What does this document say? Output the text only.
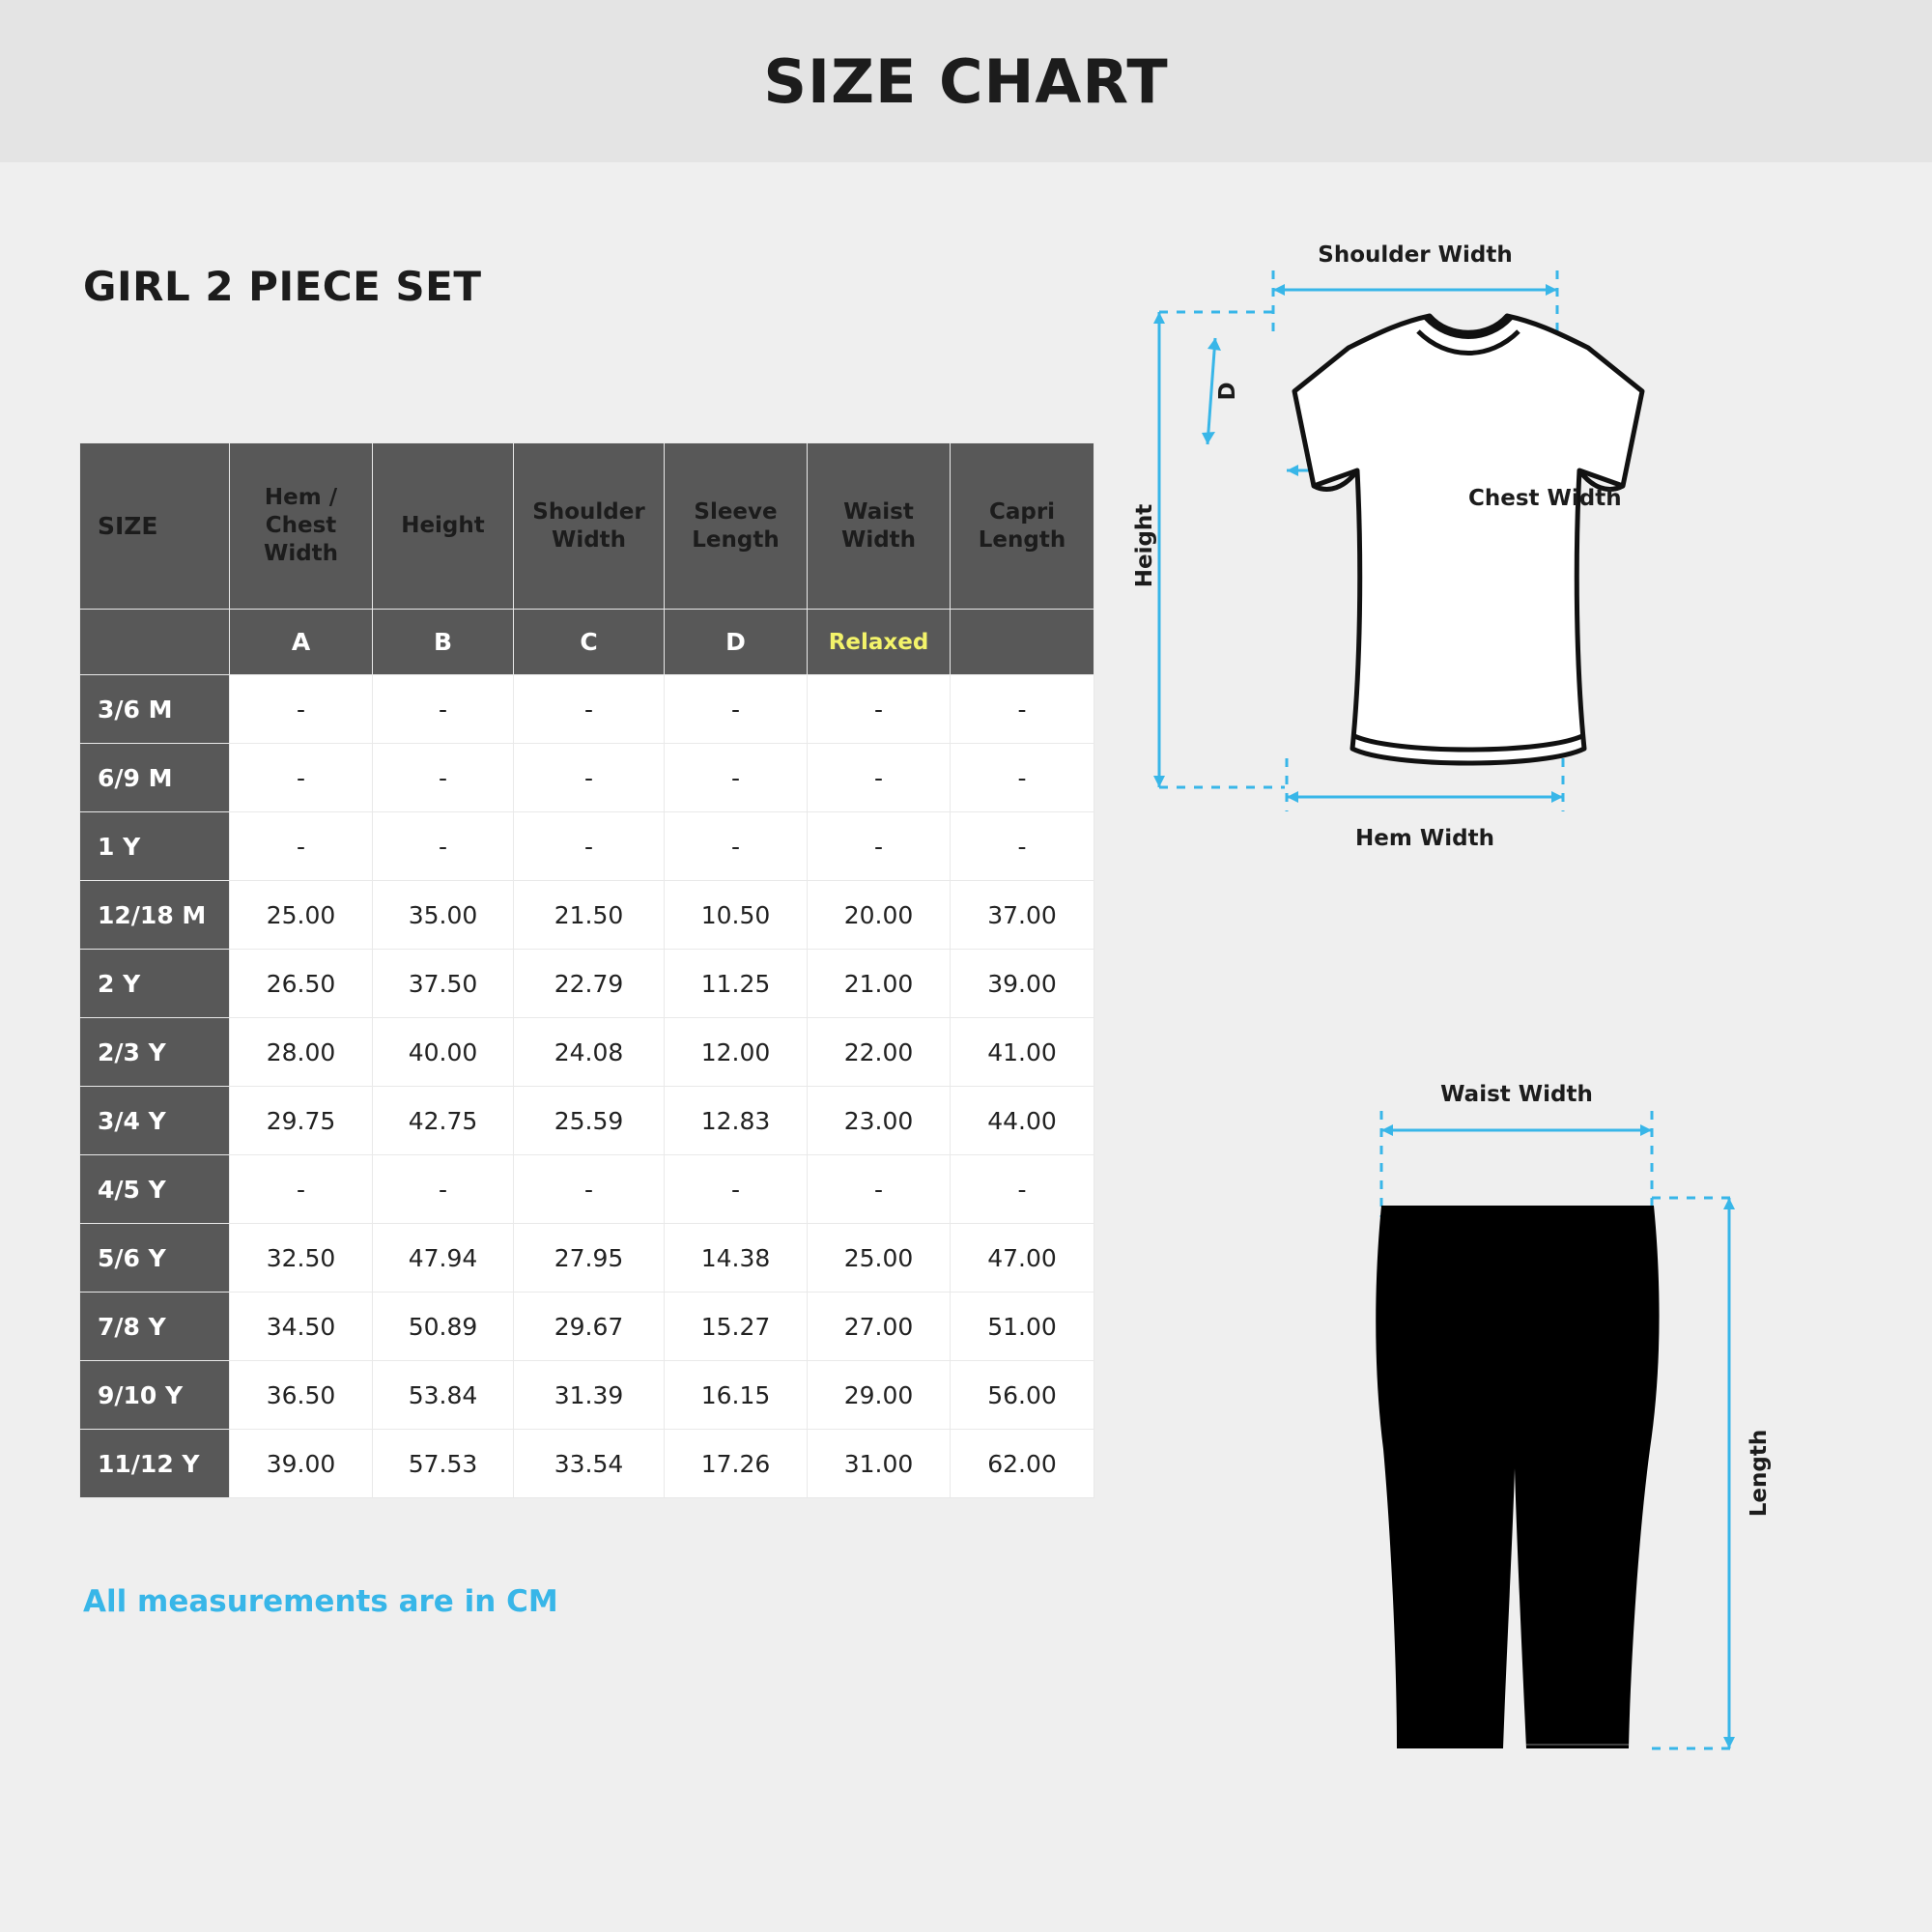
SIZE CHART
GIRL 2 PIECE SET
SIZE	Hem / Chest Width	Height	Shoulder Width	Sleeve Length	Waist Width	Capri Length
	A	B	C	D	Relaxed	
3/6 M	-	-	-	-	-	-
6/9 M	-	-	-	-	-	-
1 Y	-	-	-	-	-	-
12/18 M	25.00	35.00	21.50	10.50	20.00	37.00
2 Y	26.50	37.50	22.79	11.25	21.00	39.00
2/3 Y	28.00	40.00	24.08	12.00	22.00	41.00
3/4 Y	29.75	42.75	25.59	12.83	23.00	44.00
4/5 Y	-	-	-	-	-	-
5/6 Y	32.50	47.94	27.95	14.38	25.00	47.00
7/8 Y	34.50	50.89	29.67	15.27	27.00	51.00
9/10 Y	36.50	53.84	31.39	16.15	29.00	56.00
11/12 Y	39.00	57.53	33.54	17.26	31.00	62.00
All measurements are in CM
Shoulder Width
Hem Width
Chest Width
Height
D
Waist Width
Length
